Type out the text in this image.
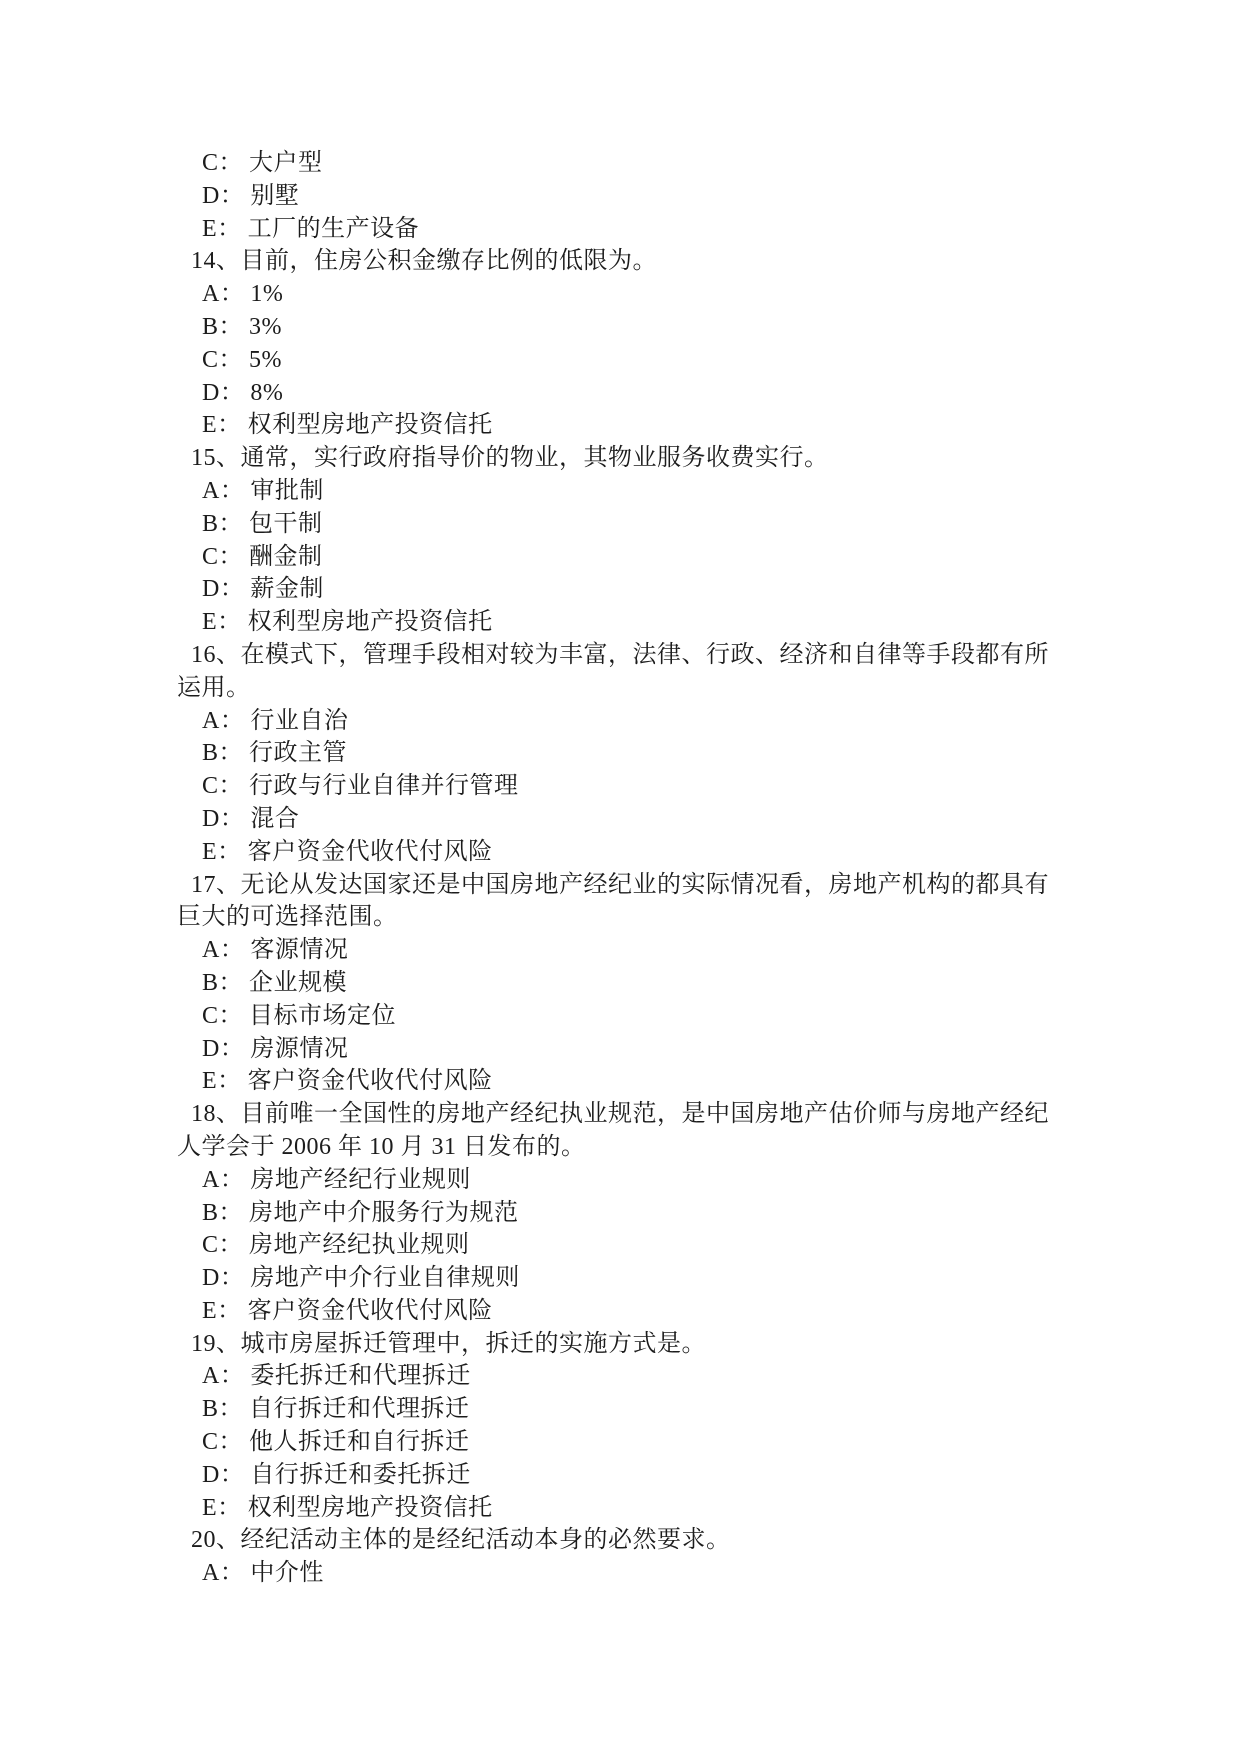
C： 大户型
D： 别墅
E： 工厂的生产设备
14、目前，住房公积金缴存比例的低限为。
A： 1%
B： 3%
C： 5%
D： 8%
E： 权利型房地产投资信托
15、通常，实行政府指导价的物业，其物业服务收费实行。
A： 审批制
B： 包干制
C： 酬金制
D： 薪金制
E： 权利型房地产投资信托
16、在模式下，管理手段相对较为丰富，法律、行政、经济和自律等手段都有所
运用。
A： 行业自治
B： 行政主管
C： 行政与行业自律并行管理
D： 混合
E： 客户资金代收代付风险
17、无论从发达国家还是中国房地产经纪业的实际情况看，房地产机构的都具有
巨大的可选择范围。
A： 客源情况
B： 企业规模
C： 目标市场定位
D： 房源情况
E： 客户资金代收代付风险
18、目前唯一全国性的房地产经纪执业规范，是中国房地产估价师与房地产经纪
人学会于 2006 年 10 月 31 日发布的。
A： 房地产经纪行业规则
B： 房地产中介服务行为规范
C： 房地产经纪执业规则
D： 房地产中介行业自律规则
E： 客户资金代收代付风险
19、城市房屋拆迁管理中，拆迁的实施方式是。
A： 委托拆迁和代理拆迁
B： 自行拆迁和代理拆迁
C： 他人拆迁和自行拆迁
D： 自行拆迁和委托拆迁
E： 权利型房地产投资信托
20、经纪活动主体的是经纪活动本身的必然要求。
A： 中介性
